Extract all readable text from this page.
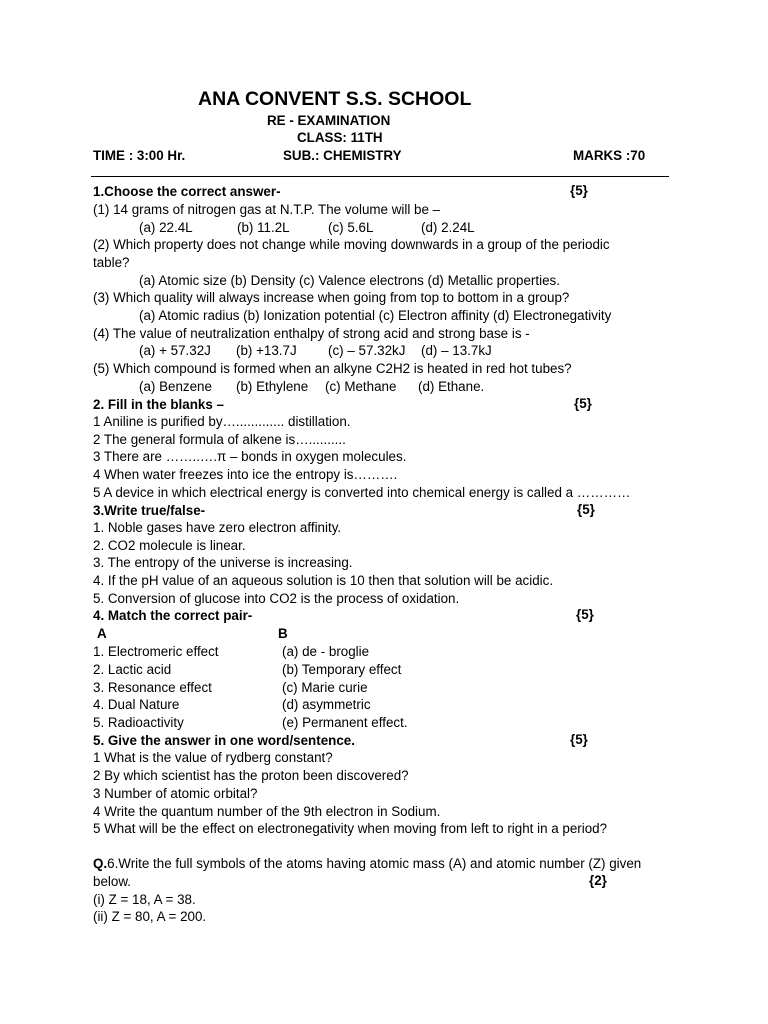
ANA CONVENT S.S. SCHOOL
RE - EXAMINATION
CLASS: 11TH
TIME : 3:00 Hr.	SUB.: CHEMISTRY	MARKS :70
1.Choose the correct answer-	{5}
(1) 14 grams of nitrogen gas at N.T.P. The volume will be –
(a) 22.4L	(b) 11.2L	(c) 5.6L	(d) 2.24L
(2) Which property does not change while moving downwards in a group of the periodic
table?
(a) Atomic size (b) Density (c) Valence electrons (d) Metallic properties.
(3) Which quality will always increase when going from top to bottom in a group?
(a) Atomic radius (b) Ionization potential (c) Electron affinity (d) Electronegativity
(4) The value of neutralization enthalpy of strong acid and strong base is -
(a) + 57.32J (b) +13.7J (c) – 57.32kJ (d) – 13.7kJ
(5) Which compound is formed when an alkyne C2H2 is heated in red hot tubes?
(a) Benzene (b) Ethylene (c) Methane (d) Ethane.
2. Fill in the blanks –	{5}
1 Aniline is purified by…............. distillation.
2 The general formula of alkene is…..........
3 There are ……..….π – bonds in oxygen molecules.
4 When water freezes into ice the entropy is……….
5 A device in which electrical energy is converted into chemical energy is called a …………
3.Write true/false-	{5}
1. Noble gases have zero electron affinity.
2. CO2 molecule is linear.
3. The entropy of the universe is increasing.
4. If the pH value of an aqueous solution is 10 then that solution will be acidic.
5. Conversion of glucose into CO2 is the process of oxidation.
4. Match the correct pair-	{5}
A	B
1. Electromeric effect	(a) de - broglie
2. Lactic acid	(b) Temporary effect
3. Resonance effect	(c) Marie curie
4. Dual Nature	(d) asymmetric
5. Radioactivity	(e) Permanent effect.
5. Give the answer in one word/sentence.	{5}
1 What is the value of rydberg constant?
2 By which scientist has the proton been discovered?
3 Number of atomic orbital?
4 Write the quantum number of the 9th electron in Sodium.
5 What will be the effect on electronegativity when moving from left to right in a period?
Q.6.Write the full symbols of the atoms having atomic mass (A) and atomic number (Z) given
below.	{2}
(i) Z = 18, A = 38.
(ii) Z = 80, A = 200.
